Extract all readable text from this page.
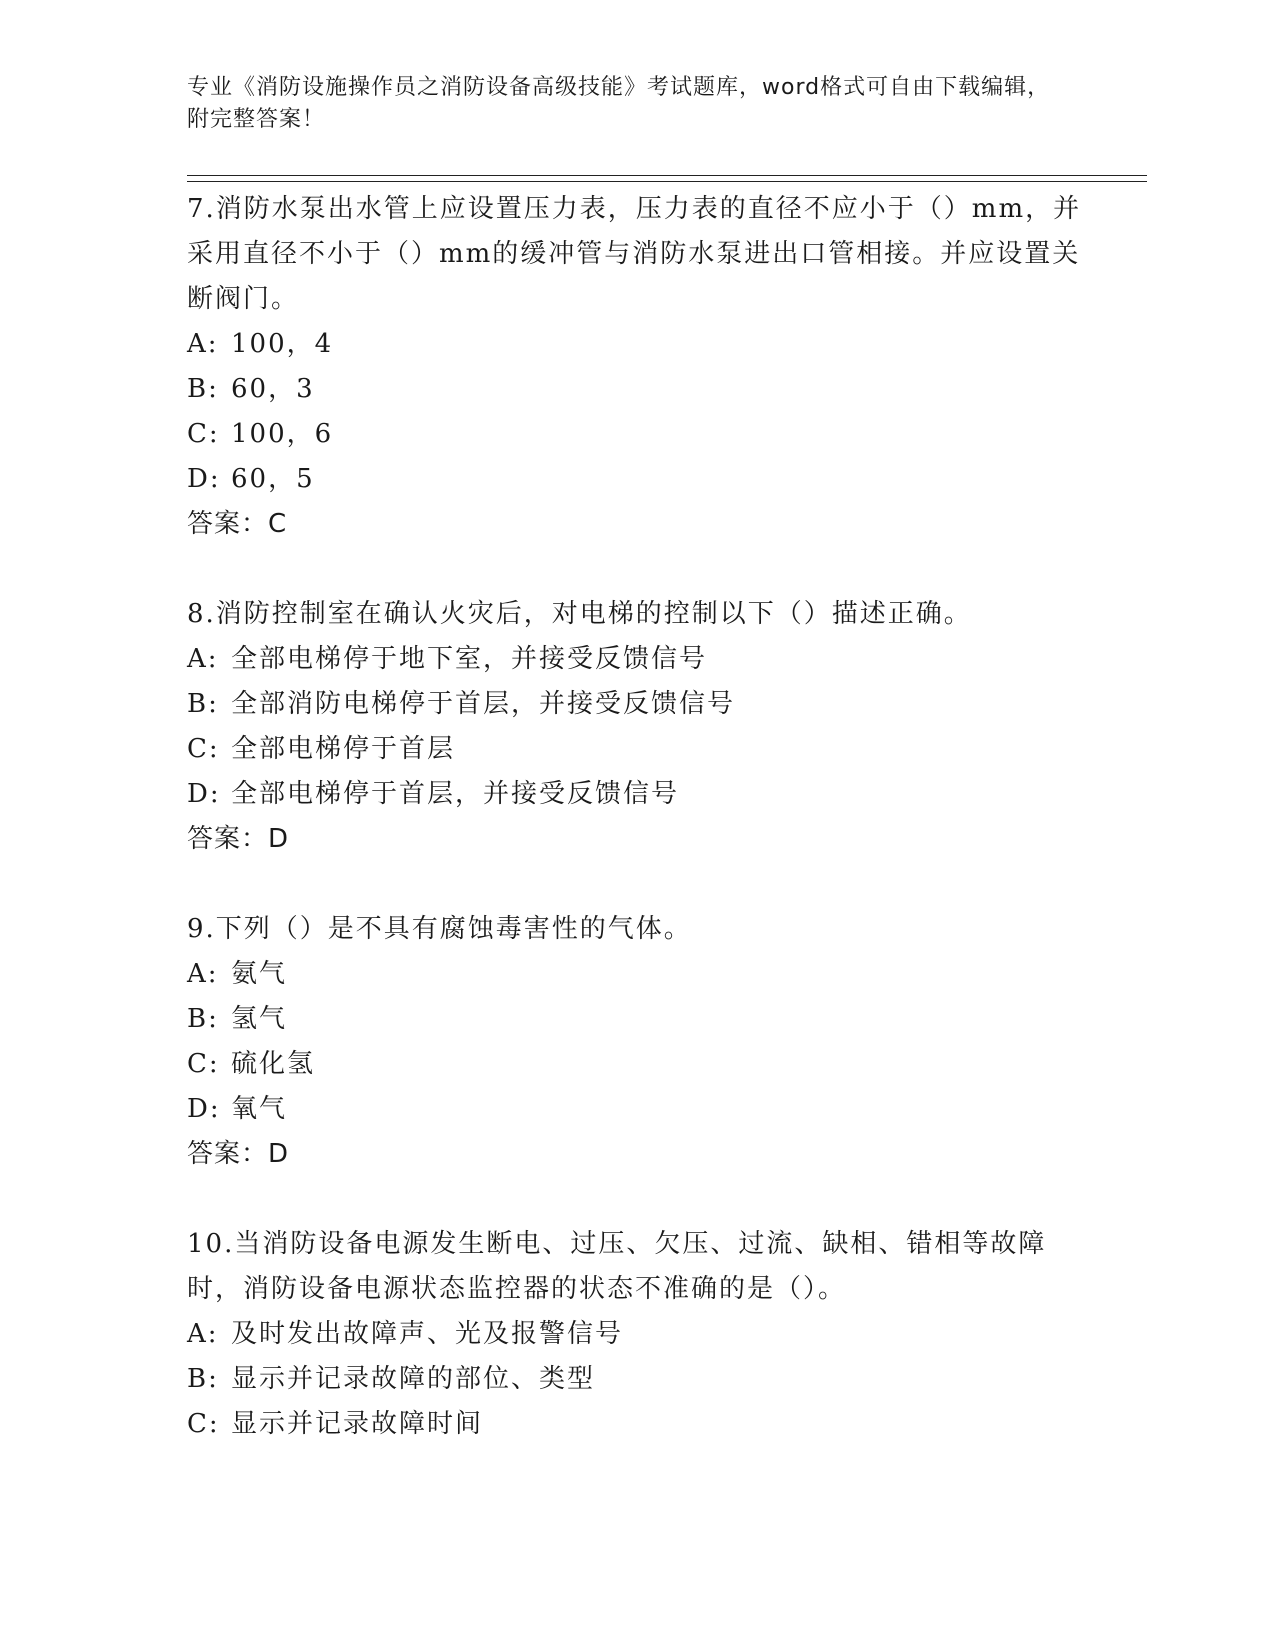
专业《消防设施操作员之消防设备高级技能》考试题库，word格式可自由下载编辑，附完整答案！
7.消防水泵出水管上应设置压力表，压力表的直径不应小于（）mm，并采用直径不小于（）mm的缓冲管与消防水泵进出口管相接。并应设置关断阀门。
A: 100，4
B: 60，3
C: 100，6
D: 60，5
答案：C
8.消防控制室在确认火灾后，对电梯的控制以下（）描述正确。
A: 全部电梯停于地下室，并接受反馈信号
B: 全部消防电梯停于首层，并接受反馈信号
C: 全部电梯停于首层
D: 全部电梯停于首层，并接受反馈信号
答案：D
9.下列（）是不具有腐蚀毒害性的气体。
A: 氨气
B: 氢气
C: 硫化氢
D: 氧气
答案：D
10.当消防设备电源发生断电、过压、欠压、过流、缺相、错相等故障时，消防设备电源状态监控器的状态不准确的是（）。
A: 及时发出故障声、光及报警信号
B: 显示并记录故障的部位、类型
C: 显示并记录故障时间
